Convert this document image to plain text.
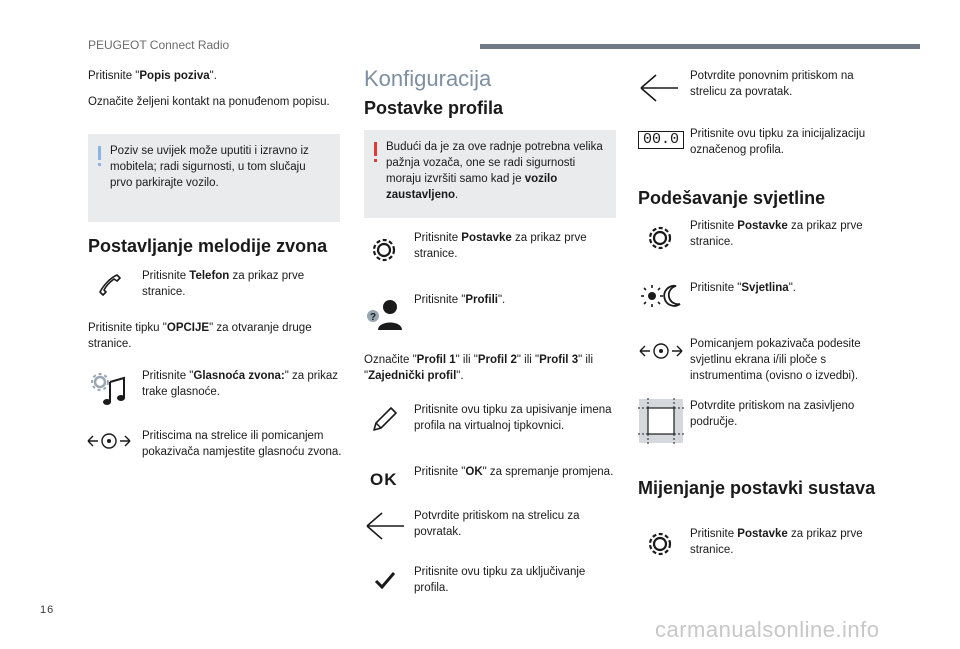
PEUGEOT Connect Radio
Pritisnite "Popis poziva".
Označite željeni kontakt na ponuđenom popisu.
Poziv se uvijek može uputiti i izravno iz mobitela; radi sigurnosti, u tom slučaju prvo parkirajte vozilo.
Postavljanje melodije zvona
Pritisnite Telefon za prikaz prve stranice.
Pritisnite tipku "OPCIJE" za otvaranje druge stranice.
Pritisnite "Glasnoća zvona:" za prikaz trake glasnoće.
Pritiscima na strelice ili pomicanjem pokazivača namjestite glasnoću zvona.
Konfiguracija
Postavke profila
Budući da je za ove radnje potrebna velika pažnja vozača, one se radi sigurnosti moraju izvršiti samo kad je vozilo zaustavljeno.
Pritisnite Postavke za prikaz prve stranice.
?
Pritisnite "Profili".
Označite "Profil 1" ili "Profil 2" ili "Profil 3" ili "Zajednički profil".
Pritisnite ovu tipku za upisivanje imena profila na virtualnoj tipkovnici.
OK Pritisnite "OK" za spremanje promjena.
Potvrdite pritiskom na strelicu za povratak.
Pritisnite ovu tipku za uključivanje profila.
Potvrdite ponovnim pritiskom na strelicu za povratak.
00.0 Pritisnite ovu tipku za inicijalizaciju označenog profila.
Podešavanje svjetline
Pritisnite Postavke za prikaz prve stranice.
Pritisnite "Svjetlina".
Pomicanjem pokazivača podesite svjetlinu ekrana i/ili ploče s instrumentima (ovisno o izvedbi).
Potvrdite pritiskom na zasivljeno područje.
Mijenjanje postavki sustava
Pritisnite Postavke za prikaz prve stranice.
16
carmanualsonline.info
